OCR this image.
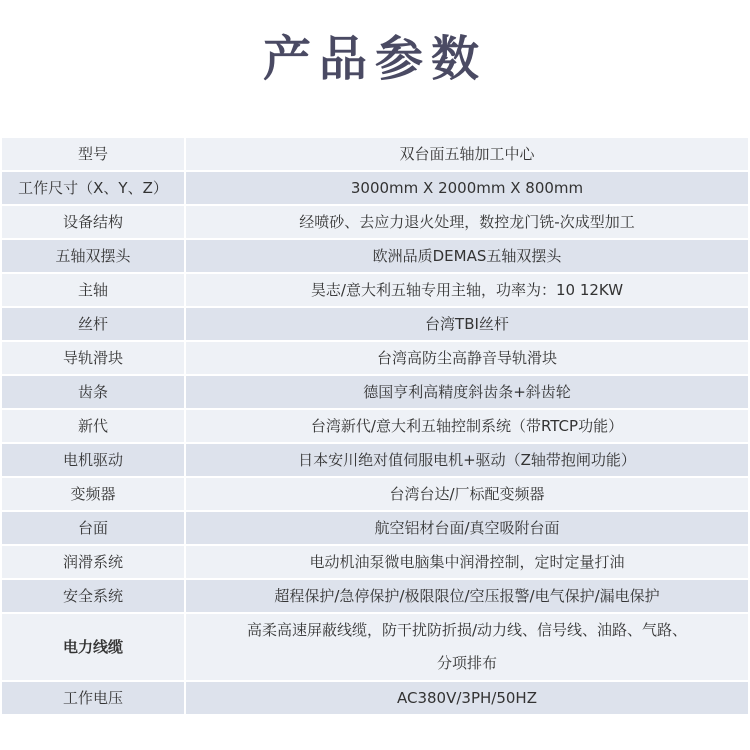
产品参数
型号	双台面五轴加工中心
工作尺寸（X、Y、Z）	3000mm X 2000mm X 800mm
设备结构	经喷砂、去应力退火处理，数控龙门铣-次成型加工
五轴双摆头	欧洲品质DEMAS五轴双摆头
主轴	昊志/意大利五轴专用主轴，功率为：10 12KW
丝杆	台湾TBI丝杆
导轨滑块	台湾高防尘高静音导轨滑块
齿条	德国亨利高精度斜齿条+斜齿轮
新代	台湾新代/意大利五轴控制系统（带RTCP功能）
电机驱动	日本安川绝对值伺服电机+驱动（Z轴带抱闸功能）
变频器	台湾台达/厂标配变频器
台面	航空铝材台面/真空吸附台面
润滑系统	电动机油泵微电脑集中润滑控制，定时定量打油
安全系统	超程保护/急停保护/极限限位/空压报警/电气保护/漏电保护
电力线缆	高柔高速屏蔽线缆，防干扰防折损/动力线、信号线、油路、气路、
分项排布

工作电压	AC380V/3PH/50HZ
